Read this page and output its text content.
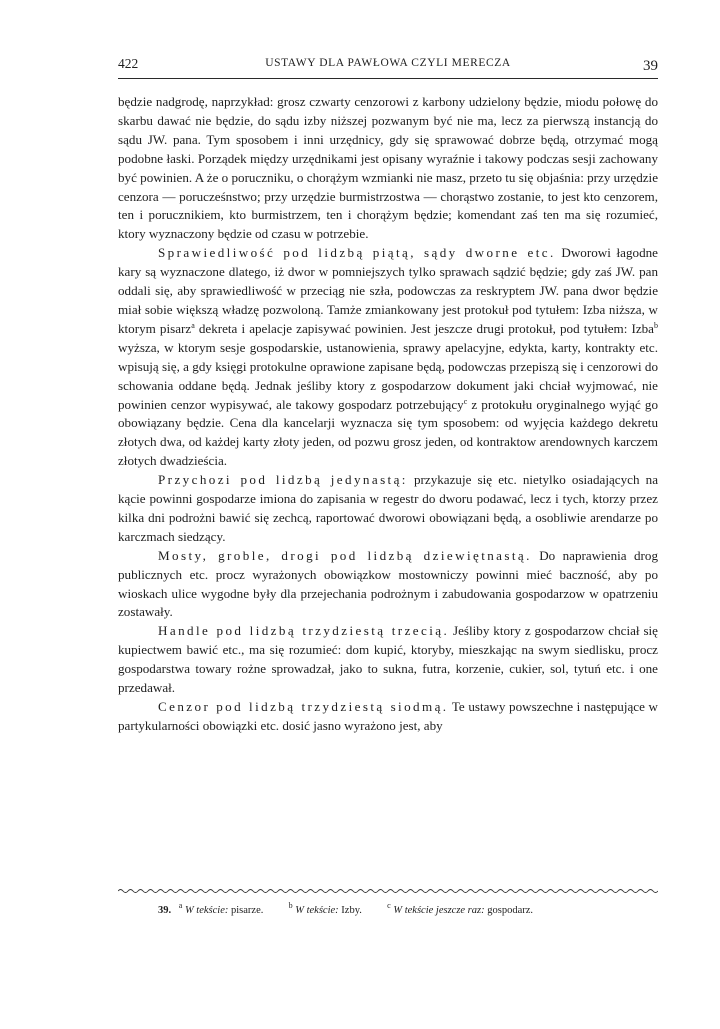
422	USTAWY DLA PAWŁOWA CZYLI MERECZA	39

będzie nadgrodę, naprzykład: grosz czwarty cenzorowi z karbony udzielony będzie, miodu połowę do skarbu dawać nie będzie, do sądu izby niższej pozwanym być nie ma, lecz za pierwszą instancją do sądu JW. pana. Tym sposobem i inni urzędnicy, gdy się sprawować dobrze będą, otrzymać mogą podobne łaski. Porządek między urzędnikami jest opisany wyraźnie i takowy podczas sesji zachowany być powinien. A że o poruczniku, o chorążym wzmianki nie masz, przeto tu się objaśnia: przy urzędzie cenzora — porucześnstwo; przy urzędzie burmistrzostwa — chorąstwo zostanie, to jest kto cenzorem, ten i porucznikiem, kto burmistrzem, ten i chorążym będzie; komendant zaś ten ma się rozumieć, ktory wyznaczony będzie od czasu w potrzebie.

Sprawiedliwość pod lidzbą piątą, sądy dworne etc. Dworowi łagodne kary są wyznaczone dlatego, iż dwor w pomniejszych tylko sprawach sądzić będzie; gdy zaś JW. pan oddali się, aby sprawiedliwość w przeciąg nie szła, podowczas za reskryptem JW. pana dwor będzie miał sobie większą władzę pozwoloną. Tamże zmiankowany jest protokuł pod tytułem: Izba niższa, w ktorym pisarz$^a$ dekreta i apelacje zapisywać powinien. Jest jeszcze drugi protokuł, pod tytułem: Izba$^b$ wyższa, w ktorym sesje gospodarskie, ustanowienia, sprawy apelacyjne, edykta, karty, kontrakty etc. wpisują się, a gdy księgi protokulne oprawione zapisane będą, podowczas przepiszą się i cenzorowi do schowania oddane będą. Jednak jeśliby ktory z gospodarzow dokument jaki chciał wyjmować, nie powinien cenzor wypisywać, ale takowy gospodarz potrzebujący$^c$ z protokułu oryginalnego wyjąć go obowiązany będzie. Cena dla kancelarji wyznacza się tym sposobem: od wyjęcia każdego dekretu złotych dwa, od każdej karty złoty jeden, od pozwu grosz jeden, od kontraktow arendownych karczem złotych dwadzieścia.

Przychozi pod lidzbą jedynastą: przykazuje się etc. nietylko osiadających na kącie powinni gospodarze imiona do zapisania w regestr do dworu podawać, lecz i tych, ktorzy przez kilka dni podrożni bawić się zechcą, raportować dworowi obowiązani będą, a osobliwie arendarze po karczmach siedzący.

Mosty, groble, drogi pod lidzbą dziewiętnastą. Do naprawienia drog publicznych etc. procz wyrażonych obowiązkow mostowniczy powinni mieć baczność, aby po wioskach ulice wygodne były dla przejechania podrożnym i zabudowania gospodarzow w opatrzeniu zostawały.

Handle pod lidzbą trzydziestą trzecią. Jeśliby ktory z gospodarzow chciał się kupiectwem bawić etc., ma się rozumieć: dom kupić, ktoryby, mieszkając na swym siedlisku, procz gospodarstwa towary rożne sprowadzał, jako to sukna, futra, korzenie, cukier, sol, tytuń etc. i one przedawał.

Cenzor pod lidzbą trzydziestą siodmą. Te ustawy powszechne i następujące w partykularności obowiązki etc. dosić jasno wyrażono jest, aby

39. $^a$ W tekście: pisarze.	$^b$ W tekście: Izby.	$^c$ W tekście jeszcze raz: gospodarz.
